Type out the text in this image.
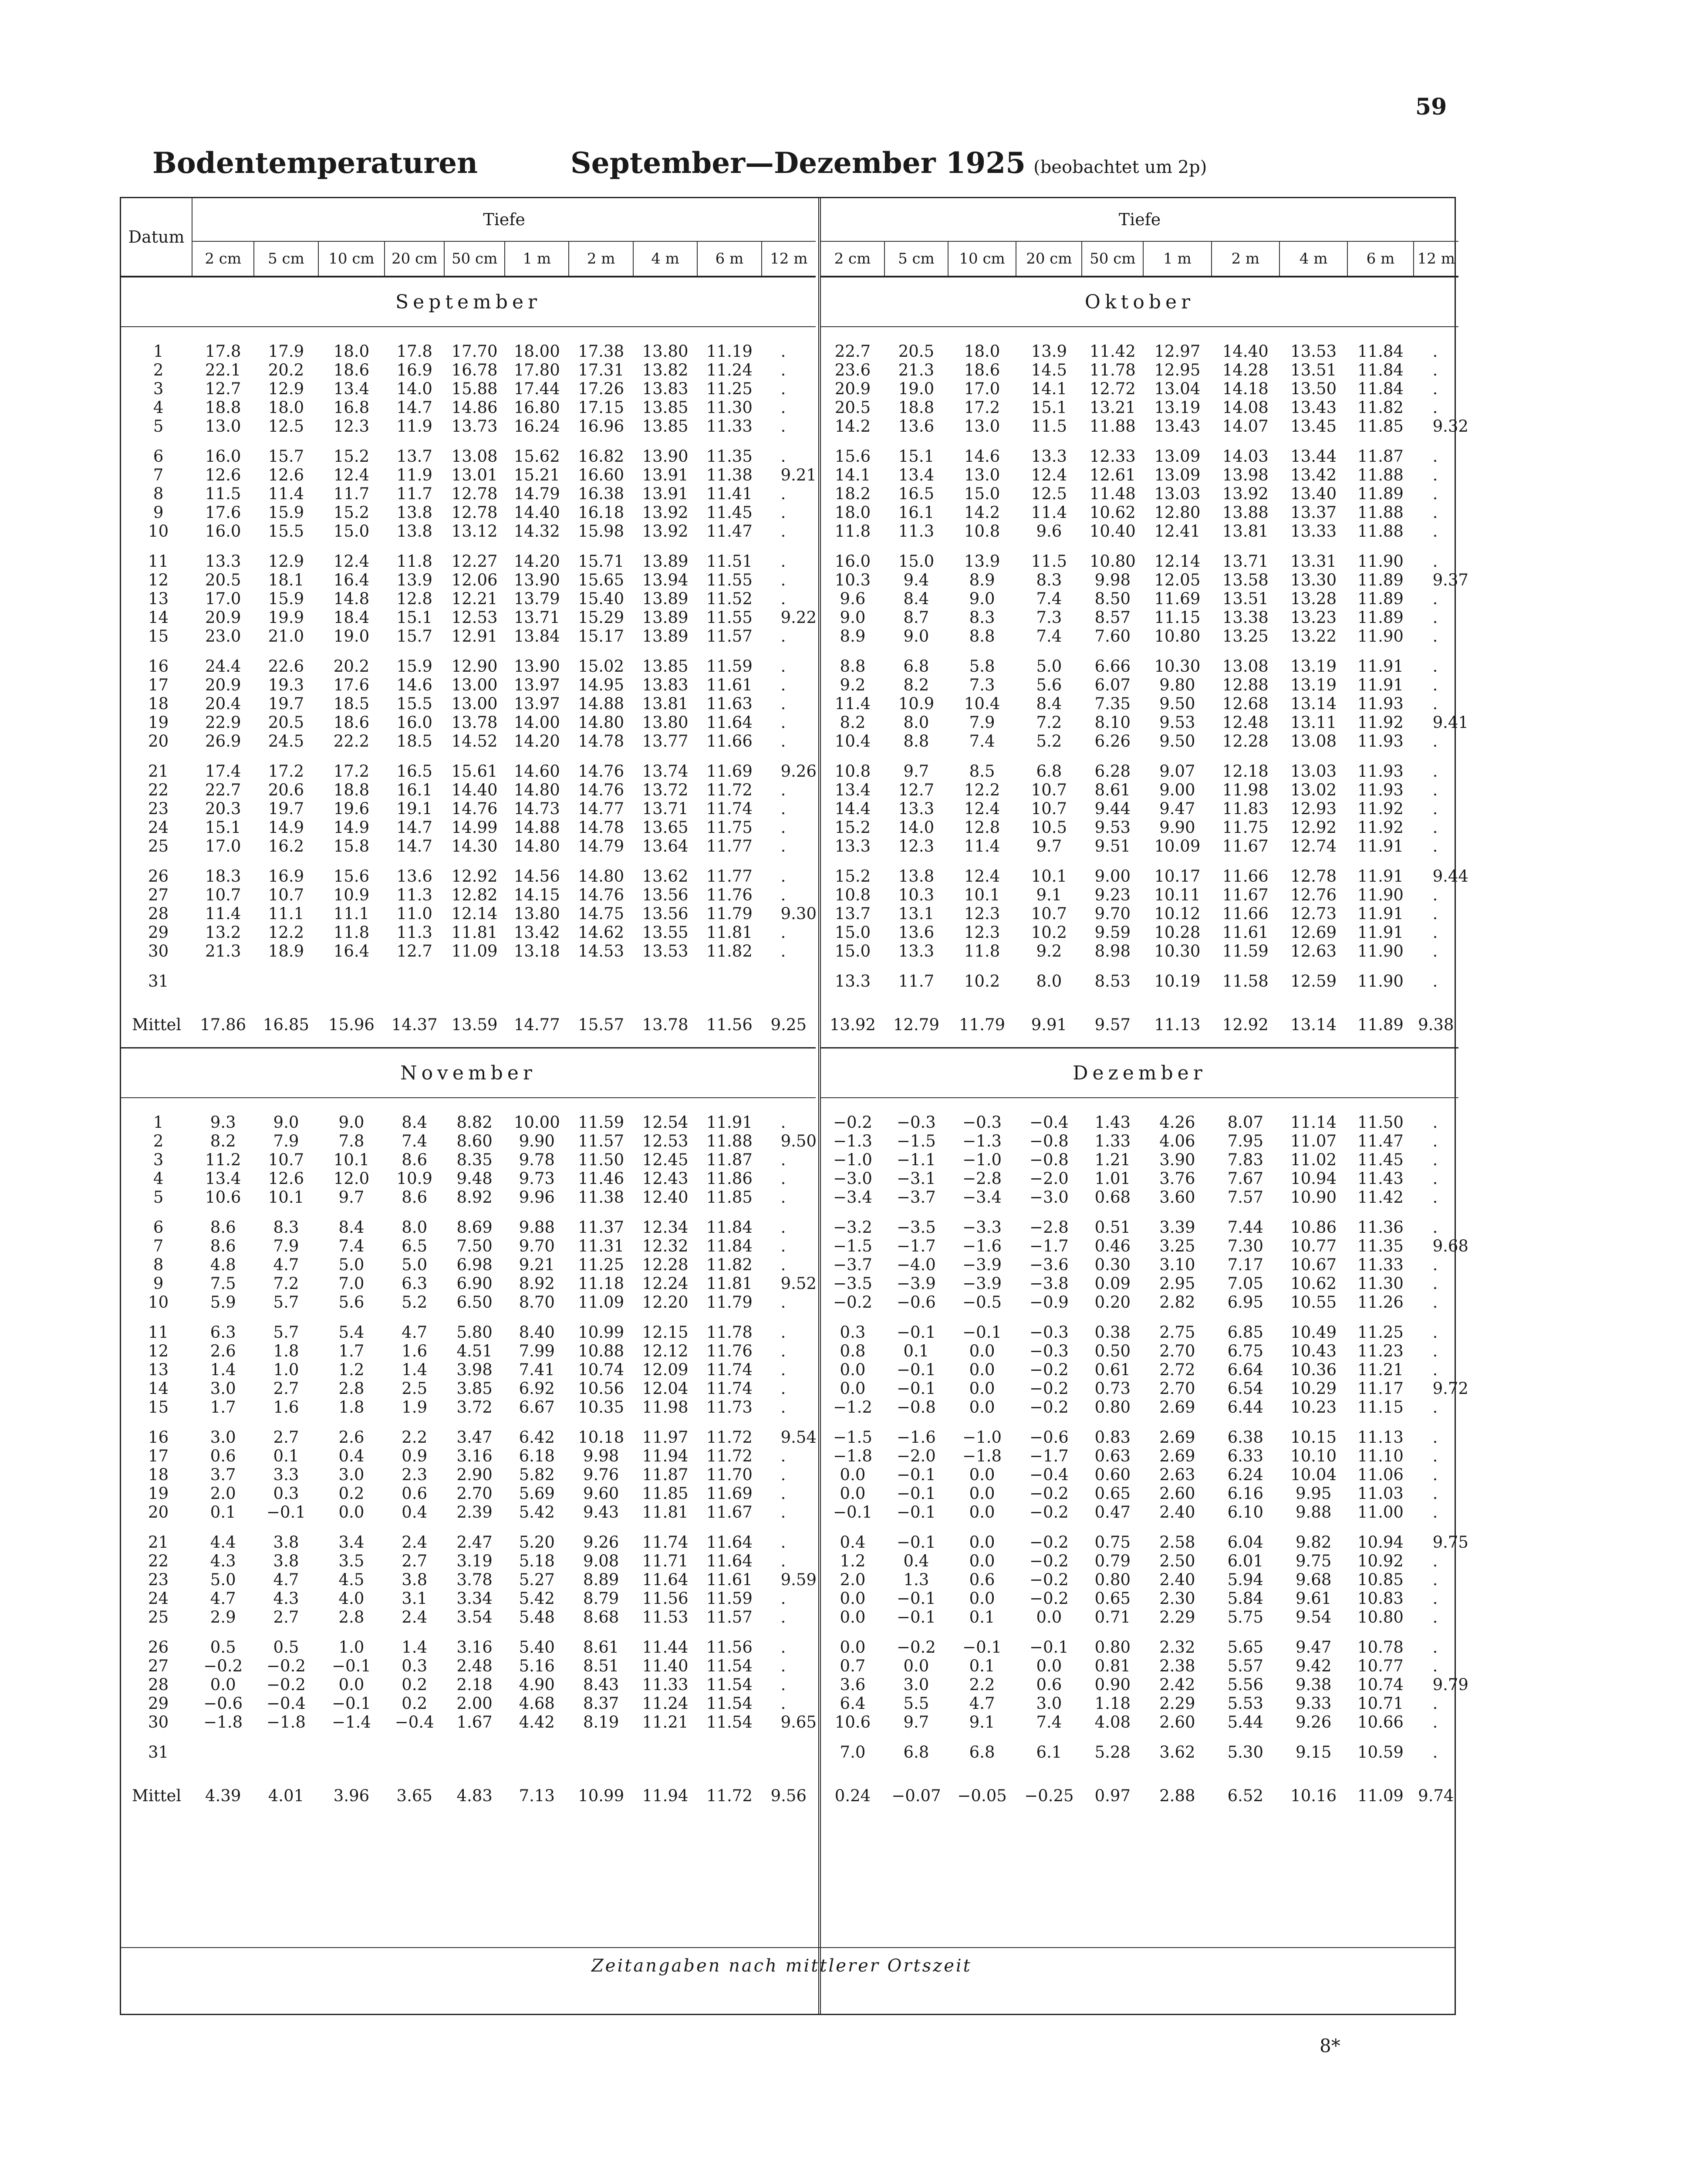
59
Bodentemperaturen	September—Dezember 1925 (beobachtet um 2p)
Datum	Tiefe									
	2 cm	5 cm	10 cm	20 cm	50 cm	1 m	2 m	4 m	6 m	12 m
September										

1	17.8	17.9	18.0	17.8	17.70	18.00	17.38	13.80	11.19	.
2	22.1	20.2	18.6	16.9	16.78	17.80	17.31	13.82	11.24	.
3	12.7	12.9	13.4	14.0	15.88	17.44	17.26	13.83	11.25	.
4	18.8	18.0	16.8	14.7	14.86	16.80	17.15	13.85	11.30	.
5	13.0	12.5	12.3	11.9	13.73	16.24	16.96	13.85	11.33	.

6	16.0	15.7	15.2	13.7	13.08	15.62	16.82	13.90	11.35	.
7	12.6	12.6	12.4	11.9	13.01	15.21	16.60	13.91	11.38	9.21
8	11.5	11.4	11.7	11.7	12.78	14.79	16.38	13.91	11.41	.
9	17.6	15.9	15.2	13.8	12.78	14.40	16.18	13.92	11.45	.
10	16.0	15.5	15.0	13.8	13.12	14.32	15.98	13.92	11.47	.

11	13.3	12.9	12.4	11.8	12.27	14.20	15.71	13.89	11.51	.
12	20.5	18.1	16.4	13.9	12.06	13.90	15.65	13.94	11.55	.
13	17.0	15.9	14.8	12.8	12.21	13.79	15.40	13.89	11.52	.
14	20.9	19.9	18.4	15.1	12.53	13.71	15.29	13.89	11.55	9.22
15	23.0	21.0	19.0	15.7	12.91	13.84	15.17	13.89	11.57	.

16	24.4	22.6	20.2	15.9	12.90	13.90	15.02	13.85	11.59	.
17	20.9	19.3	17.6	14.6	13.00	13.97	14.95	13.83	11.61	.
18	20.4	19.7	18.5	15.5	13.00	13.97	14.88	13.81	11.63	.
19	22.9	20.5	18.6	16.0	13.78	14.00	14.80	13.80	11.64	.
20	26.9	24.5	22.2	18.5	14.52	14.20	14.78	13.77	11.66	.

21	17.4	17.2	17.2	16.5	15.61	14.60	14.76	13.74	11.69	9.26
22	22.7	20.6	18.8	16.1	14.40	14.80	14.76	13.72	11.72	.
23	20.3	19.7	19.6	19.1	14.76	14.73	14.77	13.71	11.74	.
24	15.1	14.9	14.9	14.7	14.99	14.88	14.78	13.65	11.75	.
25	17.0	16.2	15.8	14.7	14.30	14.80	14.79	13.64	11.77	.

26	18.3	16.9	15.6	13.6	12.92	14.56	14.80	13.62	11.77	.
27	10.7	10.7	10.9	11.3	12.82	14.15	14.76	13.56	11.76	.
28	11.4	11.1	11.1	11.0	12.14	13.80	14.75	13.56	11.79	9.30
29	13.2	12.2	11.8	11.3	11.81	13.42	14.62	13.55	11.81	.
30	21.3	18.9	16.4	12.7	11.09	13.18	14.53	13.53	11.82	.

31										

Mittel	17.86	16.85	15.96	14.37	13.59	14.77	15.57	13.78	11.56	9.25
November										

1	9.3	9.0	9.0	8.4	8.82	10.00	11.59	12.54	11.91	.
2	8.2	7.9	7.8	7.4	8.60	9.90	11.57	12.53	11.88	9.50
3	11.2	10.7	10.1	8.6	8.35	9.78	11.50	12.45	11.87	.
4	13.4	12.6	12.0	10.9	9.48	9.73	11.46	12.43	11.86	.
5	10.6	10.1	9.7	8.6	8.92	9.96	11.38	12.40	11.85	.

6	8.6	8.3	8.4	8.0	8.69	9.88	11.37	12.34	11.84	.
7	8.6	7.9	7.4	6.5	7.50	9.70	11.31	12.32	11.84	.
8	4.8	4.7	5.0	5.0	6.98	9.21	11.25	12.28	11.82	.
9	7.5	7.2	7.0	6.3	6.90	8.92	11.18	12.24	11.81	9.52
10	5.9	5.7	5.6	5.2	6.50	8.70	11.09	12.20	11.79	.

11	6.3	5.7	5.4	4.7	5.80	8.40	10.99	12.15	11.78	.
12	2.6	1.8	1.7	1.6	4.51	7.99	10.88	12.12	11.76	.
13	1.4	1.0	1.2	1.4	3.98	7.41	10.74	12.09	11.74	.
14	3.0	2.7	2.8	2.5	3.85	6.92	10.56	12.04	11.74	.
15	1.7	1.6	1.8	1.9	3.72	6.67	10.35	11.98	11.73	.

16	3.0	2.7	2.6	2.2	3.47	6.42	10.18	11.97	11.72	9.54
17	0.6	0.1	0.4	0.9	3.16	6.18	9.98	11.94	11.72	.
18	3.7	3.3	3.0	2.3	2.90	5.82	9.76	11.87	11.70	.
19	2.0	0.3	0.2	0.6	2.70	5.69	9.60	11.85	11.69	.
20	0.1	−0.1	0.0	0.4	2.39	5.42	9.43	11.81	11.67	.

21	4.4	3.8	3.4	2.4	2.47	5.20	9.26	11.74	11.64	.
22	4.3	3.8	3.5	2.7	3.19	5.18	9.08	11.71	11.64	.
23	5.0	4.7	4.5	3.8	3.78	5.27	8.89	11.64	11.61	9.59
24	4.7	4.3	4.0	3.1	3.34	5.42	8.79	11.56	11.59	.
25	2.9	2.7	2.8	2.4	3.54	5.48	8.68	11.53	11.57	.

26	0.5	0.5	1.0	1.4	3.16	5.40	8.61	11.44	11.56	.
27	−0.2	−0.2	−0.1	0.3	2.48	5.16	8.51	11.40	11.54	.
28	0.0	−0.2	0.0	0.2	2.18	4.90	8.43	11.33	11.54	.
29	−0.6	−0.4	−0.1	0.2	2.00	4.68	8.37	11.24	11.54	.
30	−1.8	−1.8	−1.4	−0.4	1.67	4.42	8.19	11.21	11.54	9.65

31										

Mittel	4.39	4.01	3.96	3.65	4.83	7.13	10.99	11.94	11.72	9.56
Tiefe									
2 cm	5 cm	10 cm	20 cm	50 cm	1 m	2 m	4 m	6 m	12 m
Oktober									

22.7	20.5	18.0	13.9	11.42	12.97	14.40	13.53	11.84	.
23.6	21.3	18.6	14.5	11.78	12.95	14.28	13.51	11.84	.
20.9	19.0	17.0	14.1	12.72	13.04	14.18	13.50	11.84	.
20.5	18.8	17.2	15.1	13.21	13.19	14.08	13.43	11.82	.
14.2	13.6	13.0	11.5	11.88	13.43	14.07	13.45	11.85	9.32

15.6	15.1	14.6	13.3	12.33	13.09	14.03	13.44	11.87	.
14.1	13.4	13.0	12.4	12.61	13.09	13.98	13.42	11.88	.
18.2	16.5	15.0	12.5	11.48	13.03	13.92	13.40	11.89	.
18.0	16.1	14.2	11.4	10.62	12.80	13.88	13.37	11.88	.
11.8	11.3	10.8	9.6	10.40	12.41	13.81	13.33	11.88	.

16.0	15.0	13.9	11.5	10.80	12.14	13.71	13.31	11.90	.
10.3	9.4	8.9	8.3	9.98	12.05	13.58	13.30	11.89	9.37
9.6	8.4	9.0	7.4	8.50	11.69	13.51	13.28	11.89	.
9.0	8.7	8.3	7.3	8.57	11.15	13.38	13.23	11.89	.
8.9	9.0	8.8	7.4	7.60	10.80	13.25	13.22	11.90	.

8.8	6.8	5.8	5.0	6.66	10.30	13.08	13.19	11.91	.
9.2	8.2	7.3	5.6	6.07	9.80	12.88	13.19	11.91	.
11.4	10.9	10.4	8.4	7.35	9.50	12.68	13.14	11.93	.
8.2	8.0	7.9	7.2	8.10	9.53	12.48	13.11	11.92	9.41
10.4	8.8	7.4	5.2	6.26	9.50	12.28	13.08	11.93	.

10.8	9.7	8.5	6.8	6.28	9.07	12.18	13.03	11.93	.
13.4	12.7	12.2	10.7	8.61	9.00	11.98	13.02	11.93	.
14.4	13.3	12.4	10.7	9.44	9.47	11.83	12.93	11.92	.
15.2	14.0	12.8	10.5	9.53	9.90	11.75	12.92	11.92	.
13.3	12.3	11.4	9.7	9.51	10.09	11.67	12.74	11.91	.

15.2	13.8	12.4	10.1	9.00	10.17	11.66	12.78	11.91	9.44
10.8	10.3	10.1	9.1	9.23	10.11	11.67	12.76	11.90	.
13.7	13.1	12.3	10.7	9.70	10.12	11.66	12.73	11.91	.
15.0	13.6	12.3	10.2	9.59	10.28	11.61	12.69	11.91	.
15.0	13.3	11.8	9.2	8.98	10.30	11.59	12.63	11.90	.

13.3	11.7	10.2	8.0	8.53	10.19	11.58	12.59	11.90	.

13.92	12.79	11.79	9.91	9.57	11.13	12.92	13.14	11.89	9.38
Dezember									

−0.2	−0.3	−0.3	−0.4	1.43	4.26	8.07	11.14	11.50	.
−1.3	−1.5	−1.3	−0.8	1.33	4.06	7.95	11.07	11.47	.
−1.0	−1.1	−1.0	−0.8	1.21	3.90	7.83	11.02	11.45	.
−3.0	−3.1	−2.8	−2.0	1.01	3.76	7.67	10.94	11.43	.
−3.4	−3.7	−3.4	−3.0	0.68	3.60	7.57	10.90	11.42	.

−3.2	−3.5	−3.3	−2.8	0.51	3.39	7.44	10.86	11.36	.
−1.5	−1.7	−1.6	−1.7	0.46	3.25	7.30	10.77	11.35	9.68
−3.7	−4.0	−3.9	−3.6	0.30	3.10	7.17	10.67	11.33	.
−3.5	−3.9	−3.9	−3.8	0.09	2.95	7.05	10.62	11.30	.
−0.2	−0.6	−0.5	−0.9	0.20	2.82	6.95	10.55	11.26	.

0.3	−0.1	−0.1	−0.3	0.38	2.75	6.85	10.49	11.25	.
0.8	0.1	0.0	−0.3	0.50	2.70	6.75	10.43	11.23	.
0.0	−0.1	0.0	−0.2	0.61	2.72	6.64	10.36	11.21	.
0.0	−0.1	0.0	−0.2	0.73	2.70	6.54	10.29	11.17	9.72
−1.2	−0.8	0.0	−0.2	0.80	2.69	6.44	10.23	11.15	.

−1.5	−1.6	−1.0	−0.6	0.83	2.69	6.38	10.15	11.13	.
−1.8	−2.0	−1.8	−1.7	0.63	2.69	6.33	10.10	11.10	.
0.0	−0.1	0.0	−0.4	0.60	2.63	6.24	10.04	11.06	.
0.0	−0.1	0.0	−0.2	0.65	2.60	6.16	9.95	11.03	.
−0.1	−0.1	0.0	−0.2	0.47	2.40	6.10	9.88	11.00	.

0.4	−0.1	0.0	−0.2	0.75	2.58	6.04	9.82	10.94	9.75
1.2	0.4	0.0	−0.2	0.79	2.50	6.01	9.75	10.92	.
2.0	1.3	0.6	−0.2	0.80	2.40	5.94	9.68	10.85	.
0.0	−0.1	0.0	−0.2	0.65	2.30	5.84	9.61	10.83	.
0.0	−0.1	0.1	0.0	0.71	2.29	5.75	9.54	10.80	.

0.0	−0.2	−0.1	−0.1	0.80	2.32	5.65	9.47	10.78	.
0.7	0.0	0.1	0.0	0.81	2.38	5.57	9.42	10.77	.
3.6	3.0	2.2	0.6	0.90	2.42	5.56	9.38	10.74	9.79
6.4	5.5	4.7	3.0	1.18	2.29	5.53	9.33	10.71	.
10.6	9.7	9.1	7.4	4.08	2.60	5.44	9.26	10.66	.

7.0	6.8	6.8	6.1	5.28	3.62	5.30	9.15	10.59	.

0.24	−0.07	−0.05	−0.25	0.97	2.88	6.52	10.16	11.09	9.74
Zeitangaben nach mittlerer Ortszeit
8*
